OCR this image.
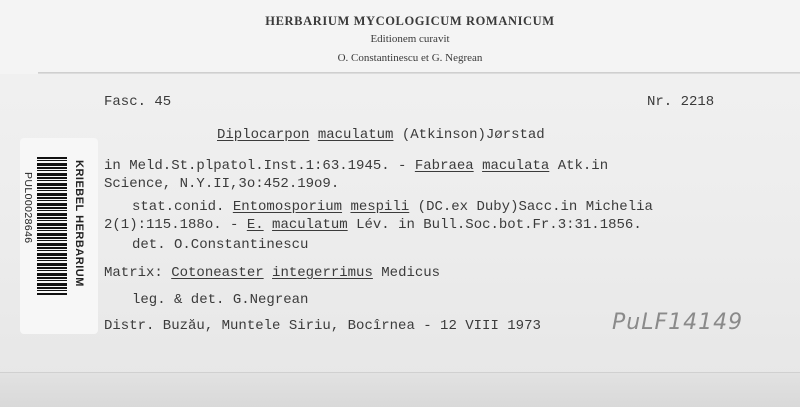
HERBARIUM MYCOLOGICUM ROMANICUM
Editionem curavit
O. Constantinescu et G. Negrean
Fasc. 45	Nr. 2218
Diplocarpon maculatum (Atkinson)Jørstad
in Meld.St.plpatol.Inst.1:63.1945. - Fabraea maculata Atk.in
Science, N.Y.II,3o:452.19o9.
stat.conid. Entomosporium mespili (DC.ex Duby)Sacc.in Michelia
2(1):115.188o. - E. maculatum Lév. in Bull.Soc.bot.Fr.3:31.1856.
det. O.Constantinescu
Matrix: Cotoneaster integerrimus Medicus
leg. & det. G.Negrean
Distr. Buzău, Muntele Siriu, Bocîrnea - 12 VIII 1973	PuLF14149
KRIEBEL HERBARIUM
PUL00028646
